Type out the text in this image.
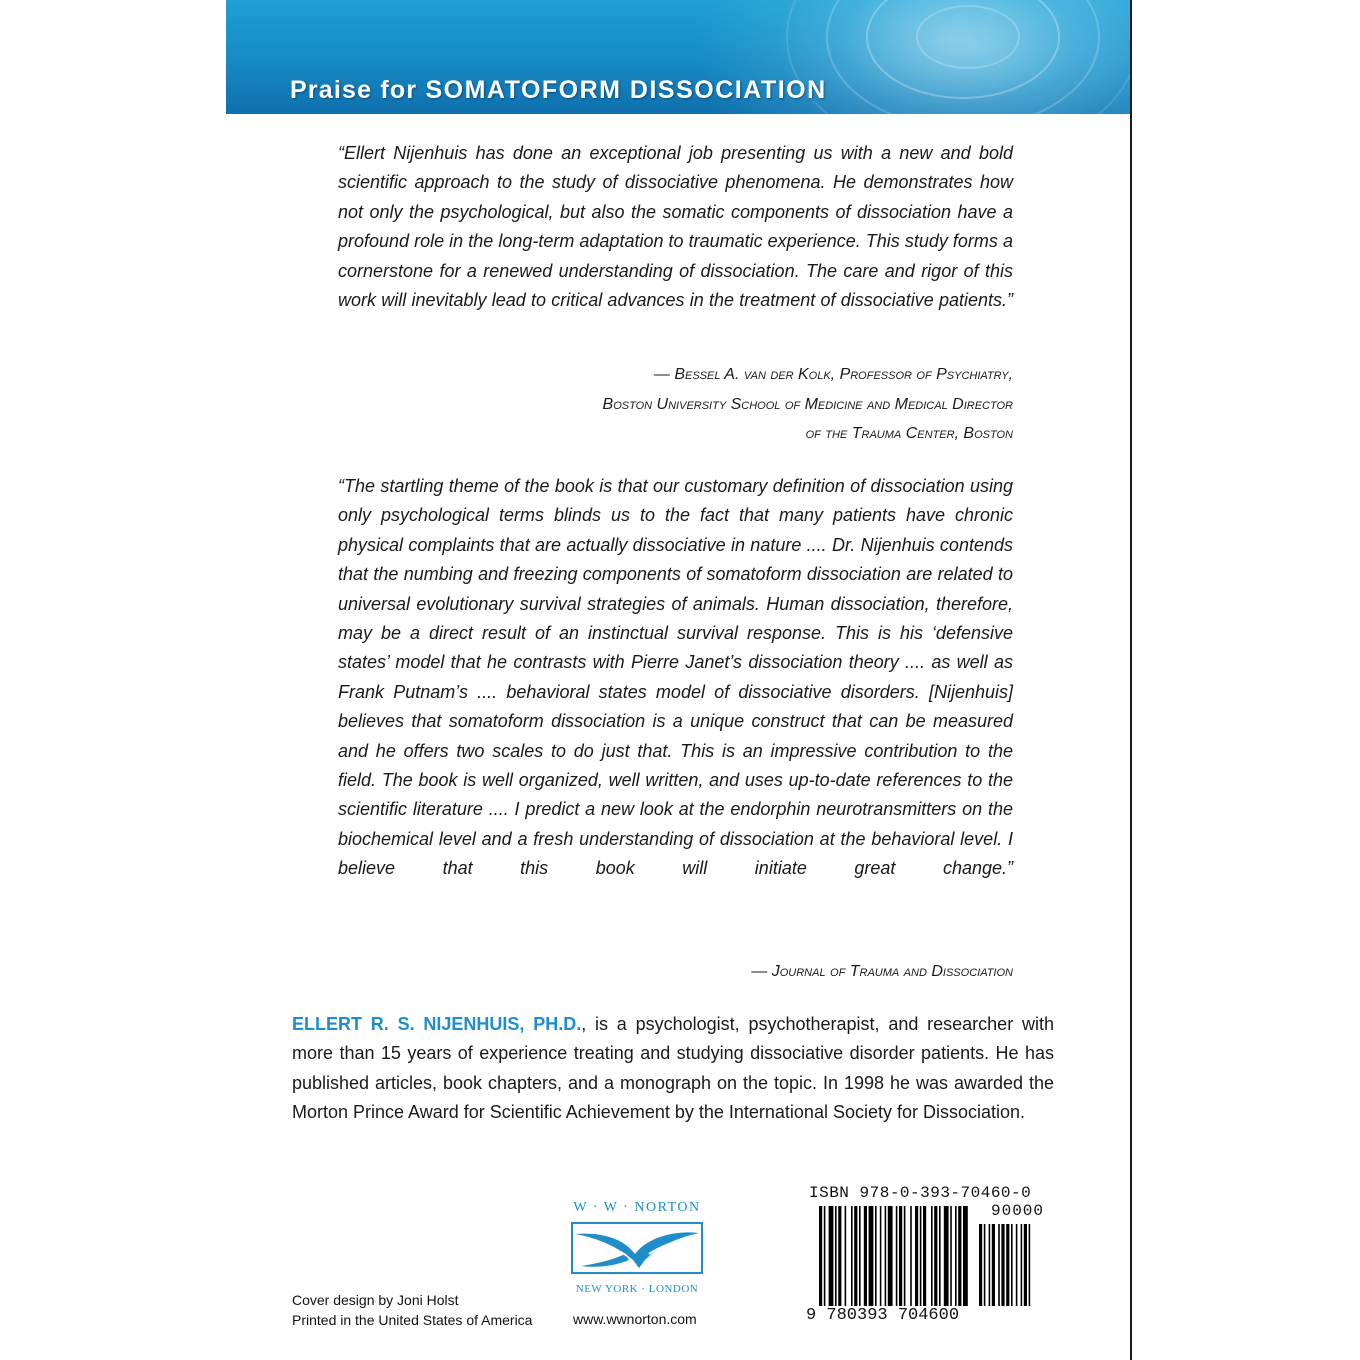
Praise for SOMATOFORM DISSOCIATION

“Ellert Nijenhuis has done an exceptional job presenting us with a new and bold scientific approach to the study of dissociative phenomena. He demonstrates how not only the psychological, but also the somatic components of dissociation have a profound role in the long-term adaptation to traumatic experience. This study forms a cornerstone for a renewed understanding of dissociation. The care and rigor of this work will inevitably lead to critical advances in the treatment of dissociative patients.”

— Bessel A. van der Kolk, Professor of Psychiatry,
Boston University School of Medicine and Medical Director
of the Trauma Center, Boston

“The startling theme of the book is that our customary definition of dissociation using only psychological terms blinds us to the fact that many patients have chronic physical complaints that are actually dissociative in nature .... Dr. Nijenhuis contends that the numbing and freezing components of somatoform dissociation are related to universal evolutionary survival strategies of animals. Human dissociation, therefore, may be a direct result of an instinctual survival response. This is his ‘defensive states’ model that he contrasts with Pierre Janet’s dissociation theory .... as well as Frank Putnam’s .... behavioral states model of dissociative disorders. [Nijenhuis] believes that somatoform dissociation is a unique construct that can be measured and he offers two scales to do just that. This is an impressive contribution to the field. The book is well organized, well written, and uses up-to-date references to the scientific literature .... I predict a new look at the endorphin neurotransmitters on the biochemical level and a fresh understanding of dissociation at the behavioral level. I believe that this book will initiate great change.”

— Journal of Trauma and Dissociation

ELLERT R. S. NIJENHUIS, PH.D., is a psychologist, psychotherapist, and researcher with more than 15 years of experience treating and studying dissociative disorder patients. He has published articles, book chapters, and a monograph on the topic. In 1998 he was awarded the Morton Prince Award for Scientific Achievement by the International Society for Dissociation.

Cover design by Joni Holst
Printed in the United States of America
W · W · NORTON
NEW YORK · LONDON
www.wwnorton.com
ISBN 978-0-393-70460-0
90000
9 780393 704600
